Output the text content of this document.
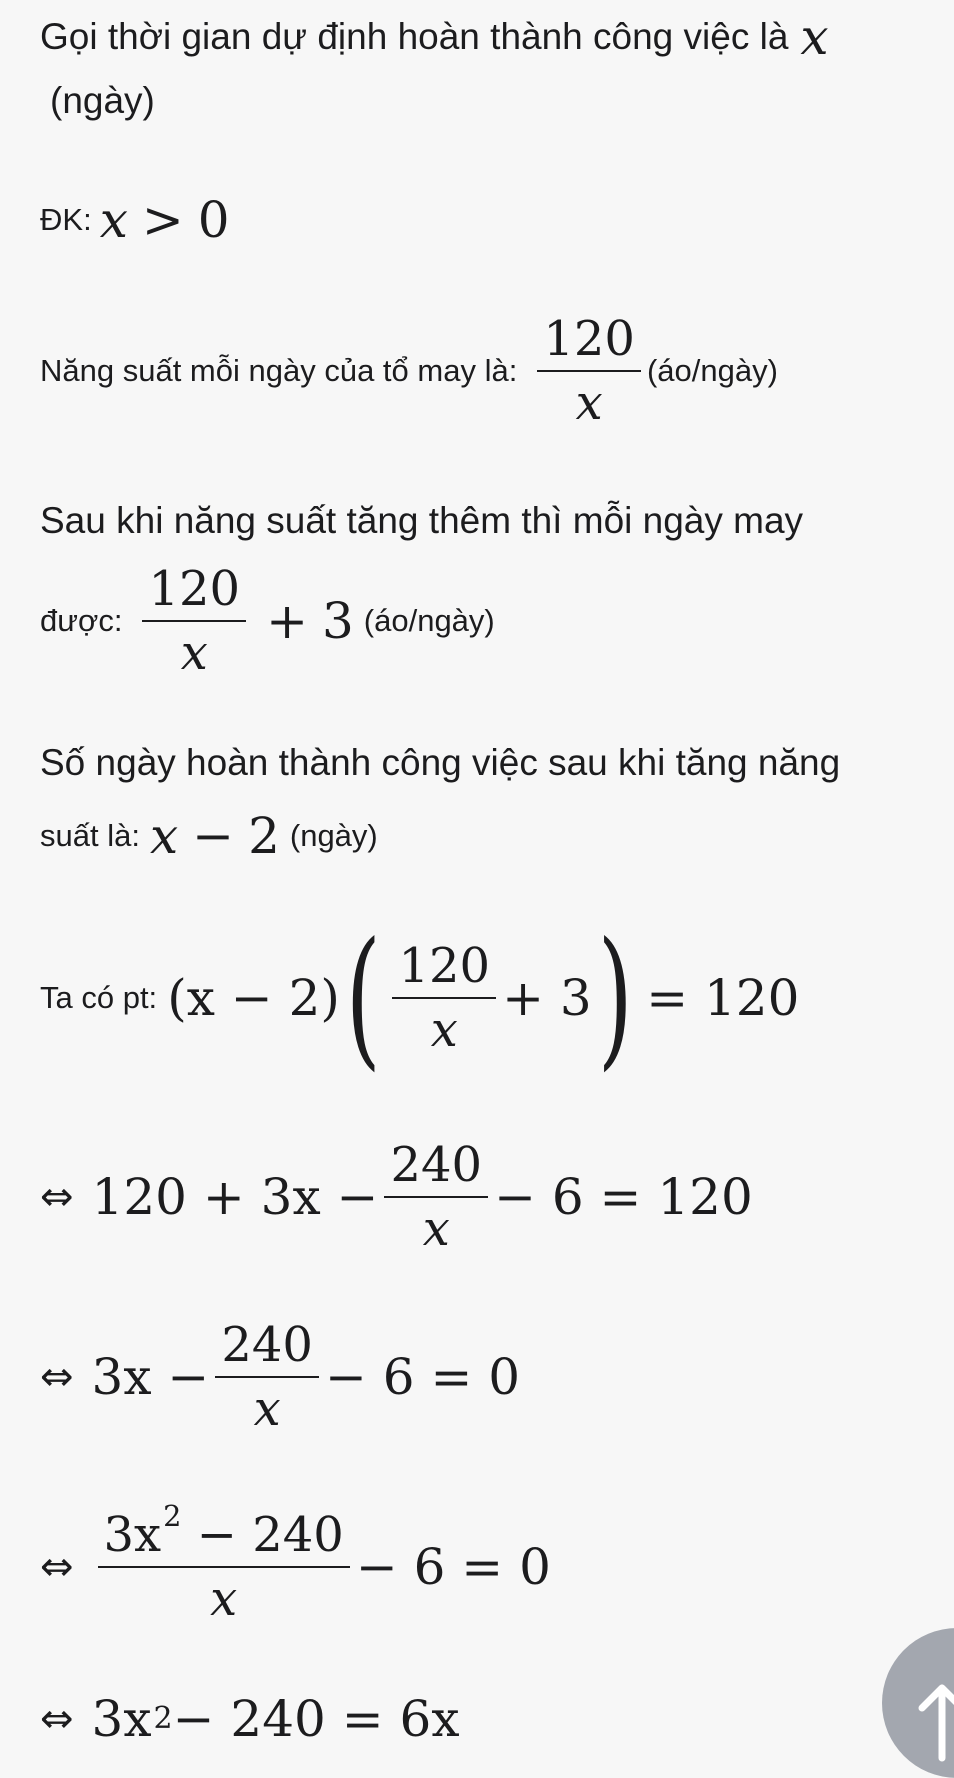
Gọi thời gian dự định hoàn thành công việc là x
(ngày)
ĐK: x > 0
Năng suất mỗi ngày của tổ may là: $\frac{120}{x}$ (áo/ngày)
Sau khi năng suất tăng thêm thì mỗi ngày may
được: $\frac{120}{x} + 3$ (áo/ngày)
Số ngày hoàn thành công việc sau khi tăng năng
suất là: x − 2 (ngày)
Ta có pt: (x − 2) ( $\frac{120}{x} + 3$ ) = 120
⇔ $120 + 3x - \frac{240}{x} - 6 = 120$
⇔ $3x - \frac{240}{x} - 6 = 0$
⇔ $\frac{3x^2 - 240}{x} - 6 = 0$
⇔ 3x 2 − 240 = 6x
